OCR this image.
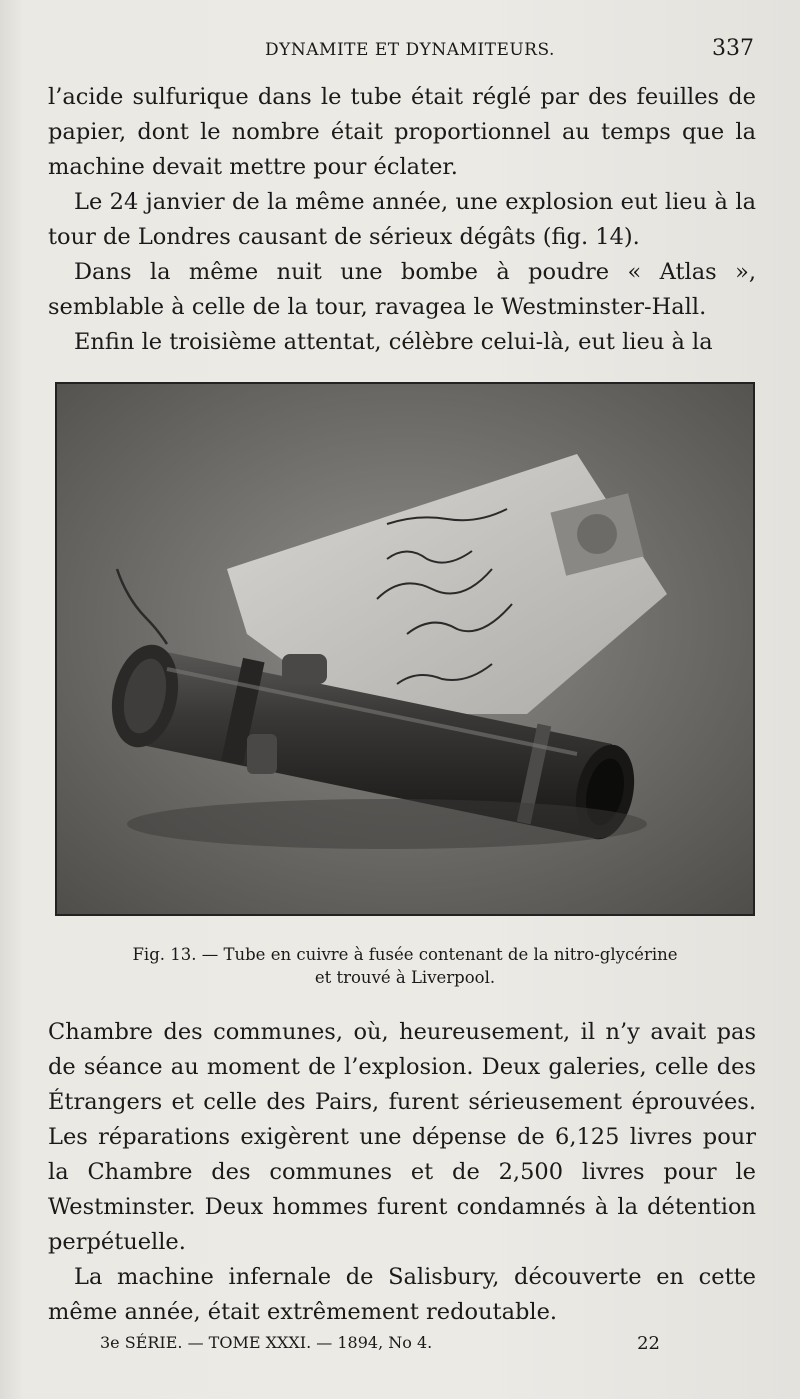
DYNAMITE ET DYNAMITEURS.	337

l’acide sulfurique dans le tube était réglé par des feuilles de papier, dont le nombre était proportionnel au temps que la machine devait mettre pour éclater.

Le 24 janvier de la même année, une explosion eut lieu à la tour de Londres causant de sérieux dégâts (fig. 14).

Dans la même nuit une bombe à poudre « Atlas », semblable à celle de la tour, ravagea le Westminster-Hall.

Enfin le troisième attentat, célèbre celui-là, eut lieu à la

Fig. 13. — Tube en cuivre à fusée contenant de la nitro-glycérine
et trouvé à Liverpool.

Chambre des communes, où, heureusement, il n’y avait pas de séance au moment de l’explosion. Deux galeries, celle des Étrangers et celle des Pairs, furent sérieusement éprouvées. Les réparations exigèrent une dépense de 6,125 livres pour la Chambre des communes et de 2,500 livres pour le Westminster. Deux hommes furent condamnés à la détention perpétuelle.

La machine infernale de Salisbury, découverte en cette même année, était extrêmement redoutable.

3e SÉRIE. — TOME XXXI. — 1894, No 4.	22
